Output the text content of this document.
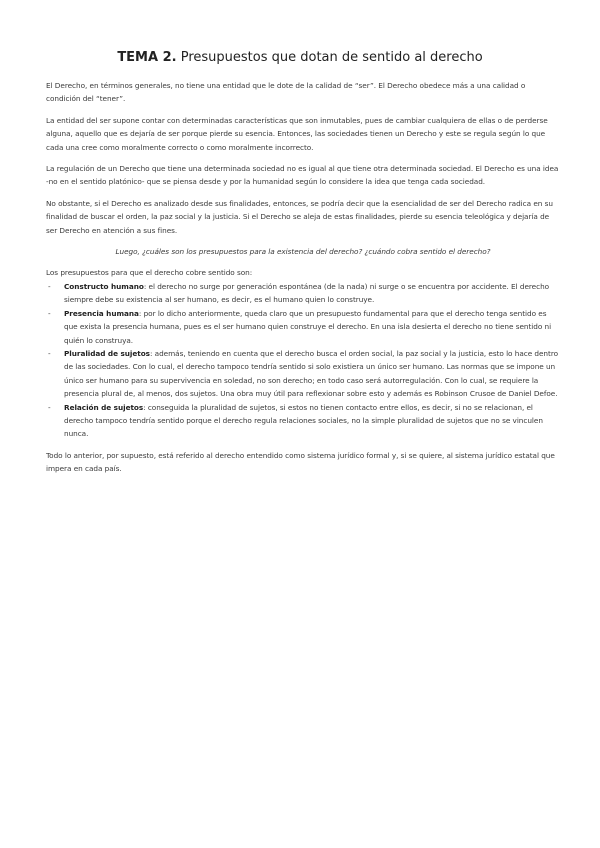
TEMA 2. Presupuestos que dotan de sentido al derecho

El Derecho, en términos generales, no tiene una entidad que le dote de la calidad de “ser”. El Derecho obedece más a una calidad o condición del “tener”.

La entidad del ser supone contar con determinadas características que son inmutables, pues de cambiar cualquiera de ellas o de perderse alguna, aquello que es dejaría de ser porque pierde su esencia. Entonces, las sociedades tienen un Derecho y este se regula según lo que cada una cree como moralmente correcto o como moralmente incorrecto.

La regulación de un Derecho que tiene una determinada sociedad no es igual al que tiene otra determinada sociedad. El Derecho es una idea -no en el sentido platónico- que se piensa desde y por la humanidad según lo considere la idea que tenga cada sociedad.

No obstante, si el Derecho es analizado desde sus finalidades, entonces, se podría decir que la esencialidad de ser del Derecho radica en su finalidad de buscar el orden, la paz social y la justicia. Si el Derecho se aleja de estas finalidades, pierde su esencia teleológica y dejaría de ser Derecho en atención a sus fines.

Luego, ¿cuáles son los presupuestos para la existencia del derecho? ¿cuándo cobra sentido el derecho?

Los presupuestos para que el derecho cobre sentido son:
- Constructo humano: el derecho no surge por generación espontánea (de la nada) ni surge o se encuentra por accidente. El derecho siempre debe su existencia al ser humano, es decir, es el humano quien lo construye.
- Presencia humana: por lo dicho anteriormente, queda claro que un presupuesto fundamental para que el derecho tenga sentido es que exista la presencia humana, pues es el ser humano quien construye el derecho. En una isla desierta el derecho no tiene sentido ni quién lo construya.
- Pluralidad de sujetos: además, teniendo en cuenta que el derecho busca el orden social, la paz social y la justicia, esto lo hace dentro de las sociedades. Con lo cual, el derecho tampoco tendría sentido si solo existiera un único ser humano. Las normas que se impone un único ser humano para su supervivencia en soledad, no son derecho; en todo caso será autorregulación. Con lo cual, se requiere la presencia plural de, al menos, dos sujetos. Una obra muy útil para reflexionar sobre esto y además es Robinson Crusoe de Daniel Defoe.
- Relación de sujetos: conseguida la pluralidad de sujetos, si estos no tienen contacto entre ellos, es decir, si no se relacionan, el derecho tampoco tendría sentido porque el derecho regula relaciones sociales, no la simple pluralidad de sujetos que no se vinculen nunca.

Todo lo anterior, por supuesto, está referido al derecho entendido como sistema jurídico formal y, si se quiere, al sistema jurídico estatal que impera en cada país.
